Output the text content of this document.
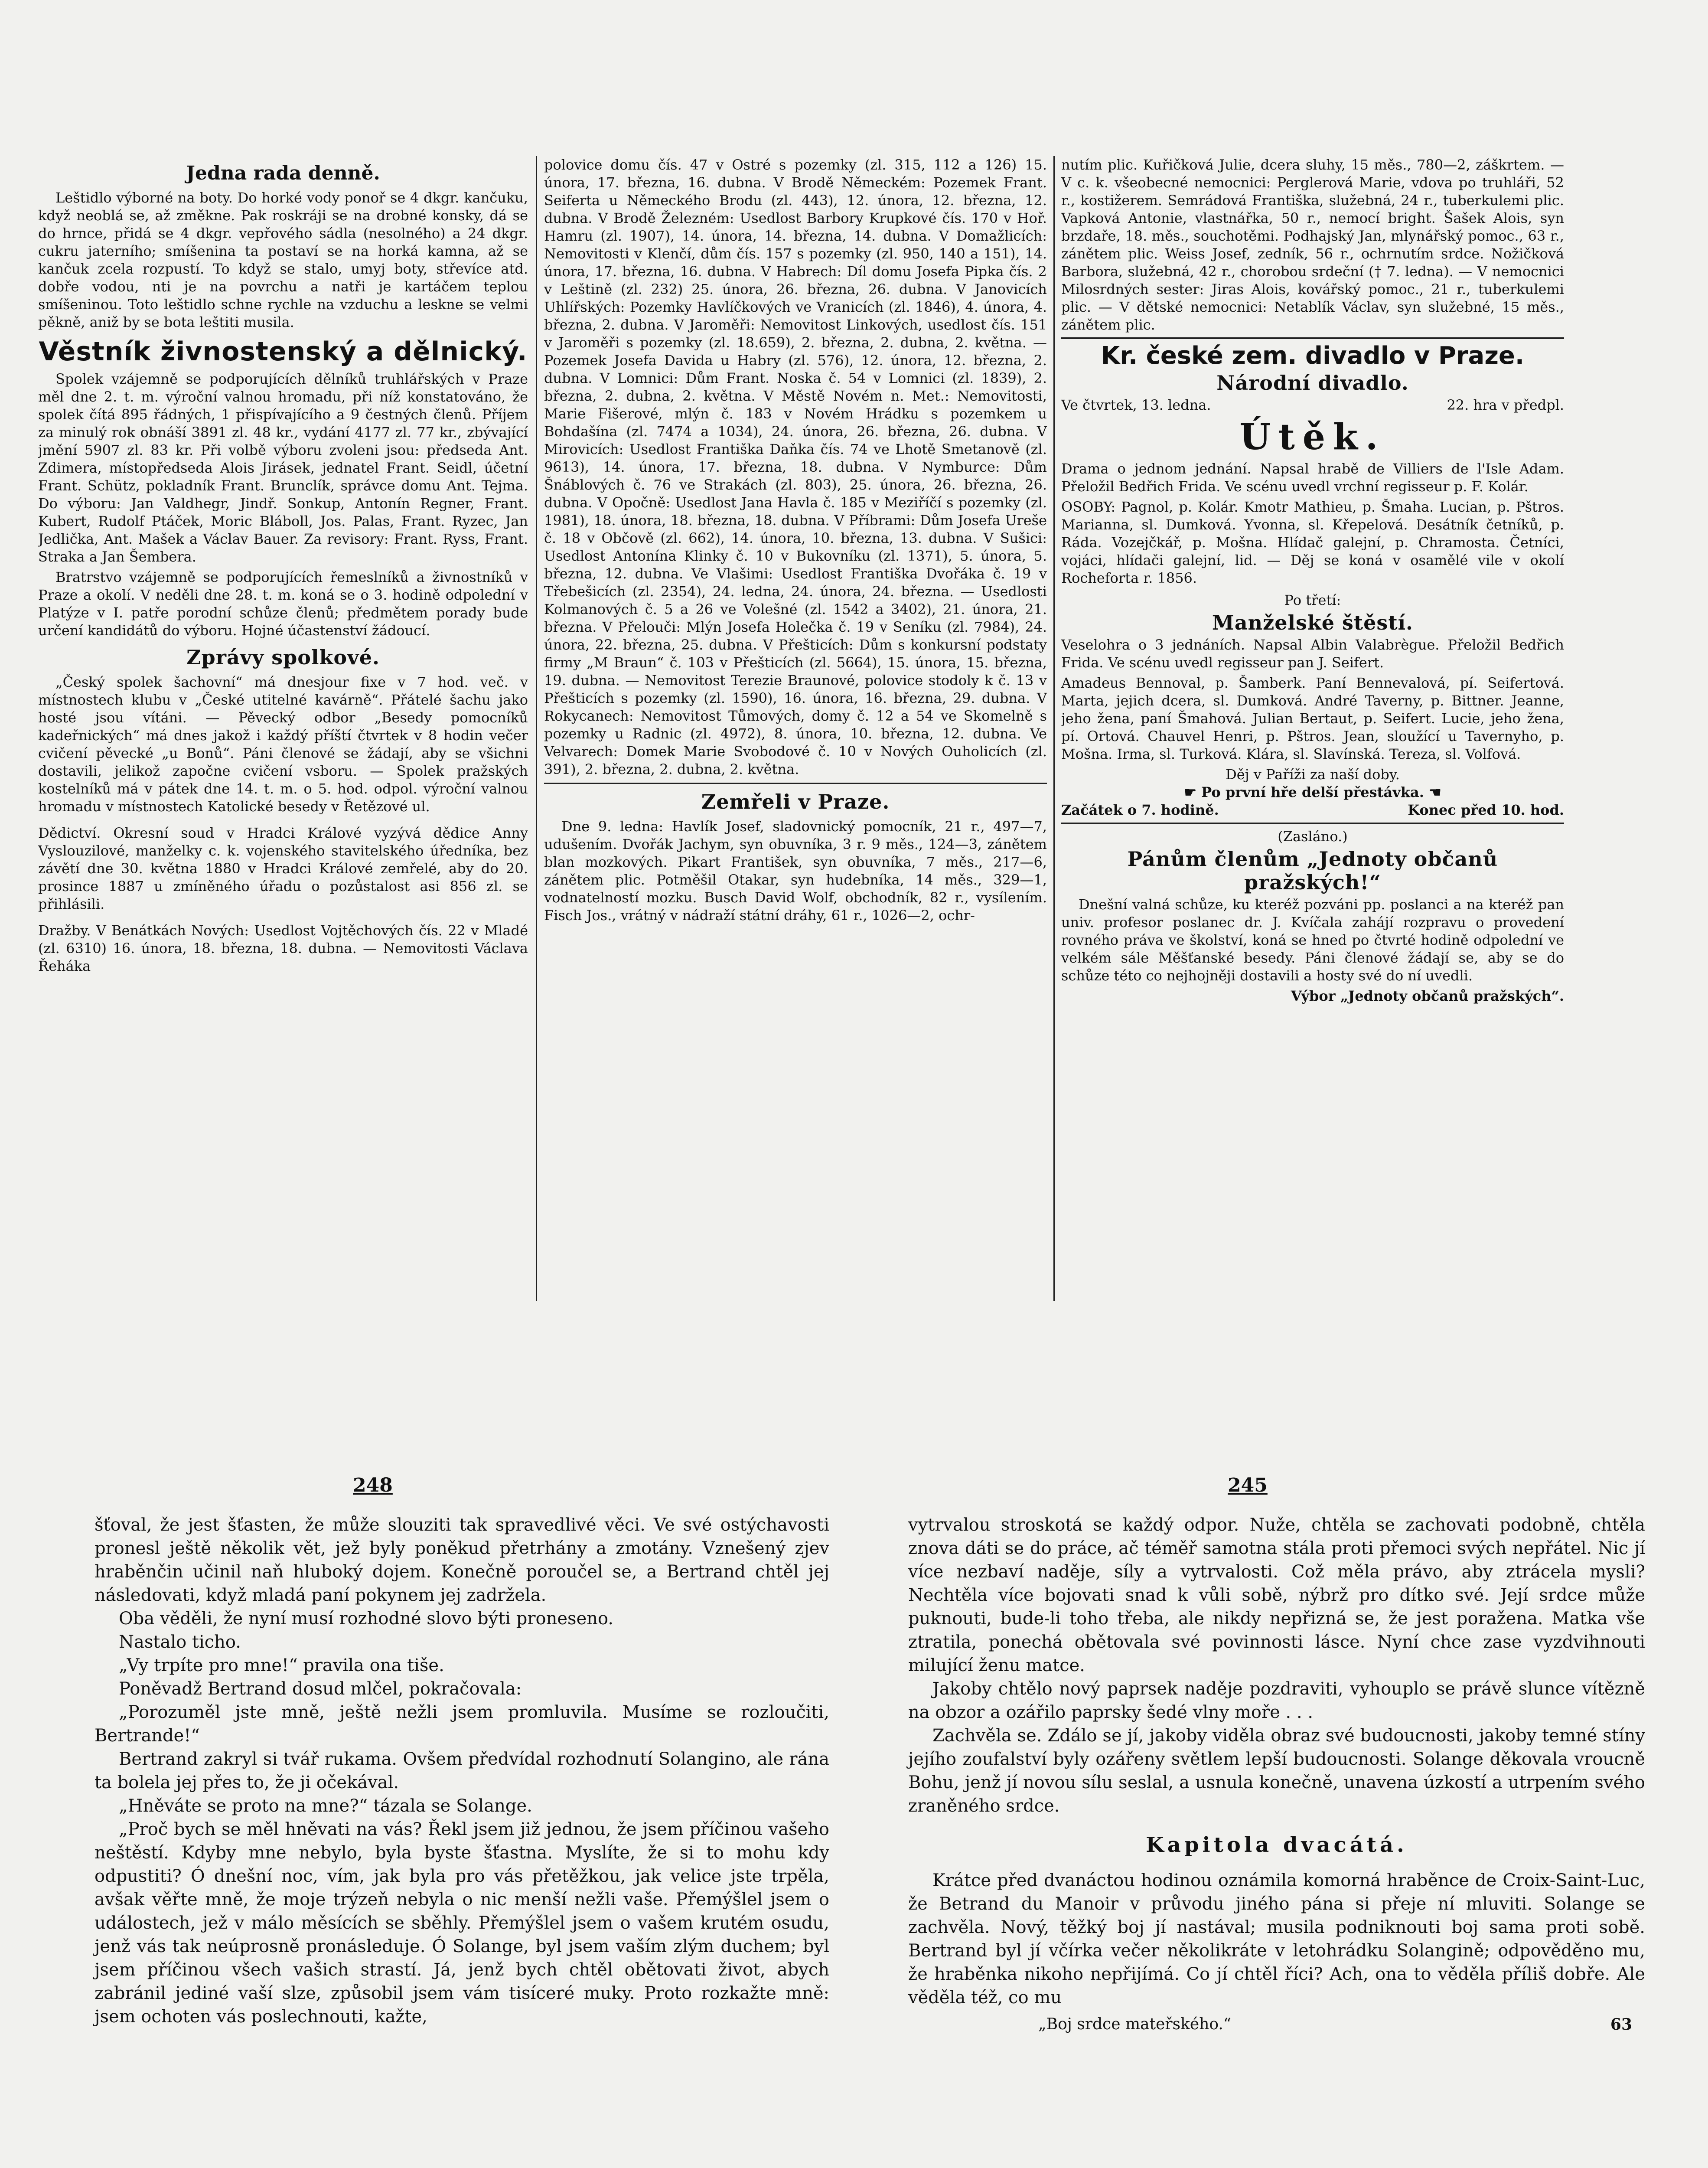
Jedna rada denně.

Leštidlo výborné na boty. Do horké vody ponoř se 4 dkgr. kančuku, když neoblá se, až změkne. Pak roskráji se na drobné konsky, dá se do hrnce, přidá se 4 dkgr. vepřového sádla (nesolného) a 24 dkgr. cukru jaterního; smíšenina ta postaví se na horká kamna, až se kančuk zcela rozpustí. To když se stalo, umyj boty, střevíce atd. dobře vodou, nti je na povrchu a natři je kartáčem teplou smíšeninou. Toto leštidlo schne rychle na vzduchu a leskne se velmi pěkně, aniž by se bota leštiti musila.

Věstník živnostenský a dělnický.

Spolek vzájemně se podporujících dělníků truhlářských v Praze měl dne 2. t. m. výroční valnou hromadu, při níž konstatováno, že spolek čítá 895 řádných, 1 přispívajícího a 9 čestných členů. Příjem za minulý rok obnáší 3891 zl. 48 kr., vydání 4177 zl. 77 kr., zbývající jmění 5907 zl. 83 kr. Při volbě výboru zvoleni jsou: předseda Ant. Zdimera, místopředseda Alois Jirásek, jednatel Frant. Seidl, účetní Frant. Schütz, pokladník Frant. Brunclík, správce domu Ant. Tejma. Do výboru: Jan Valdhegr, Jindř. Sonkup, Antonín Regner, Frant. Kubert, Rudolf Ptáček, Moric Bláboll, Jos. Palas, Frant. Ryzec, Jan Jedlička, Ant. Mašek a Václav Bauer. Za revisory: Frant. Ryss, Frant. Straka a Jan Šembera.

Bratrstvo vzájemně se podporujících řemeslníků a živnostníků v Praze a okolí. V neděli dne 28. t. m. koná se o 3. hodině odpolední v Platýze v I. patře porodní schůze členů; předmětem porady bude určení kandidátů do výboru. Hojné účastenství žádoucí.

Zprávy spolkové.

„Český spolek šachovní“ má dnesjour fixe v 7 hod. več. v místnostech klubu v „České utitelné kavárně“. Přátelé šachu jako hosté jsou vítáni. — Pěvecký odbor „Besedy pomocníků kadeřnických“ má dnes jakož i každý příští čtvrtek v 8 hodin večer cvičení pěvecké „u Bonů“. Páni členové se žádají, aby se všichni dostavili, jelikož započne cvičení vsboru. — Spolek pražských kostelníků má v pátek dne 14. t. m. o 5. hod. odpol. výroční valnou hromadu v místnostech Katolické besedy v Řetězové ul.

Dědictví. Okresní soud v Hradci Králové vyzývá dědice Anny Vyslouzilové, manželky c. k. vojenského stavitelského úředníka, bez závětí dne 30. května 1880 v Hradci Králové zemřelé, aby do 20. prosince 1887 u zmíněného úřadu o pozůstalost asi 856 zl. se přihlásili.

Dražby. V Benátkách Nových: Usedlost Vojtěchových čís. 22 v Mladé (zl. 6310) 16. února, 18. března, 18. dubna. — Nemovitosti Václava Řeháka

polovice domu čís. 47 v Ostré s pozemky (zl. 315, 112 a 126) 15. února, 17. března, 16. dubna. V Brodě Německém: Pozemek Frant. Seiferta u Německého Brodu (zl. 443), 12. února, 12. března, 12. dubna. V Brodě Železném: Usedlost Barbory Krupkové čís. 170 v Hoř. Hamru (zl. 1907), 14. února, 14. března, 14. dubna. V Domažlicích: Nemovitosti v Klenčí, dům čís. 157 s pozemky (zl. 950, 140 a 151), 14. února, 17. března, 16. dubna. V Habrech: Díl domu Josefa Pipka čís. 2 v Leštině (zl. 232) 25. února, 26. března, 26. dubna. V Janovicích Uhlířských: Pozemky Havlíčkových ve Vranicích (zl. 1846), 4. února, 4. března, 2. dubna. V Jaroměři: Nemovitost Linkových, usedlost čís. 151 v Jaroměři s pozemky (zl. 18.659), 2. března, 2. dubna, 2. května. — Pozemek Josefa Davida u Habry (zl. 576), 12. února, 12. března, 2. dubna. V Lomnici: Dům Frant. Noska č. 54 v Lomnici (zl. 1839), 2. března, 2. dubna, 2. května. V Městě Novém n. Met.: Nemovitosti, Marie Fišerové, mlýn č. 183 v Novém Hrádku s pozemkem u Bohdašína (zl. 7474 a 1034), 24. února, 26. března, 26. dubna. V Mirovicích: Usedlost Františka Daňka čís. 74 ve Lhotě Smetanově (zl. 9613), 14. února, 17. března, 18. dubna. V Nymburce: Dům Šnáblových č. 76 ve Strakách (zl. 803), 25. února, 26. března, 26. dubna. V Opočně: Usedlost Jana Havla č. 185 v Meziříčí s pozemky (zl. 1981), 18. února, 18. března, 18. dubna. V Příbrami: Dům Josefa Ureše č. 18 v Občově (zl. 662), 14. února, 10. března, 13. dubna. V Sušici: Usedlost Antonína Klinky č. 10 v Bukovníku (zl. 1371), 5. února, 5. března, 12. dubna. Ve Vlašimi: Usedlost Františka Dvořáka č. 19 v Třebešicích (zl. 2354), 24. ledna, 24. února, 24. března. — Usedlosti Kolmanových č. 5 a 26 ve Volešné (zl. 1542 a 3402), 21. února, 21. března. V Přelouči: Mlýn Josefa Holečka č. 19 v Seníku (zl. 7984), 24. února, 22. března, 25. dubna. V Přešticích: Dům s konkursní podstaty firmy „M Braun“ č. 103 v Přešticích (zl. 5664), 15. února, 15. března, 19. dubna. — Nemovitost Terezie Braunové, polovice stodoly k č. 13 v Přešticích s pozemky (zl. 1590), 16. února, 16. března, 29. dubna. V Rokycanech: Nemovitost Tůmových, domy č. 12 a 54 ve Skomelně s pozemky u Radnic (zl. 4972), 8. února, 10. března, 12. dubna. Ve Velvarech: Domek Marie Svobodové č. 10 v Nových Ouholicích (zl. 391), 2. března, 2. dubna, 2. května.

Zemřeli v Praze.

Dne 9. ledna: Havlík Josef, sladovnický pomocník, 21 r., 497—7, udušením. Dvořák Jachym, syn obuvníka, 3 r. 9 měs., 124—3, zánětem blan mozkových. Pikart František, syn obuvníka, 7 měs., 217—6, zánětem plic. Potměšil Otakar, syn hudebníka, 14 měs., 329—1, vodnatelností mozku. Busch David Wolf, obchodník, 82 r., vysílením. Fisch Jos., vrátný v nádraží státní dráhy, 61 r., 1026—2, ochr-

nutím plic. Kuřičková Julie, dcera sluhy, 15 měs., 780—2, záškrtem. — V c. k. všeobecné nemocnici: Perglerová Marie, vdova po truhláři, 52 r., kostižerem. Semrádová Františka, služebná, 24 r., tuberkulemi plic. Vapková Antonie, vlastnářka, 50 r., nemocí bright. Šašek Alois, syn brzdaře, 18. měs., souchotěmi. Podhajský Jan, mlynářský pomoc., 63 r., zánětem plic. Weiss Josef, zedník, 56 r., ochrnutím srdce. Nožičková Barbora, služebná, 42 r., chorobou srdeční († 7. ledna). — V nemocnici Milosrdných sester: Jiras Alois, kovářský pomoc., 21 r., tuberkulemi plic. — V dětské nemocnici: Netablík Václav, syn služebné, 15 měs., zánětem plic.

Kr. české zem. divadlo v Praze.
Národní divadlo.
Ve čtvrtek, 13. ledna.	22. hra v předpl.
Útěk.

Drama o jednom jednání. Napsal hrabě de Villiers de l'Isle Adam. Přeložil Bedřich Frida. Ve scénu uvedl vrchní regisseur p. F. Kolár.

OSOBY: Pagnol, p. Kolár. Kmotr Mathieu, p. Šmaha. Lucian, p. Pštros. Marianna, sl. Dumková. Yvonna, sl. Křepelová. Desátník četníků, p. Ráda. Vozejčkář, p. Mošna. Hlídač galejní, p. Chramosta. Četníci, vojáci, hlídači galejní, lid. — Děj se koná v osamělé vile v okolí Rocheforta r. 1856.

Po třetí:
Manželské štěstí.

Veselohra o 3 jednáních. Napsal Albin Valabrègue. Přeložil Bedřich Frida. Ve scénu uvedl regisseur pan J. Seifert.

Amadeus Bennoval, p. Šamberk. Paní Bennevalová, pí. Seifertová. Marta, jejich dcera, sl. Dumková. André Taverny, p. Bittner. Jeanne, jeho žena, paní Šmahová. Julian Bertaut, p. Seifert. Lucie, jeho žena, pí. Ortová. Chauvel Henri, p. Pštros. Jean, sloužící u Tavernyho, p. Mošna. Irma, sl. Turková. Klára, sl. Slavínská. Tereza, sl. Volfová.

Děj v Paříži za naší doby.
☛ Po první hře delší přestávka. ☚
Začátek o 7. hodině.	Konec před 10. hod.
(Zasláno.)
Pánům členům „Jednoty občanů pražských!“

Dnešní valná schůze, ku kteréž pozváni pp. poslanci a na kteréž pan univ. profesor poslanec dr. J. Kvíčala zahájí rozpravu o provedení rovného práva ve školství, koná se hned po čtvrté hodině odpolední ve velkém sále Měšťanské besedy. Páni členové žádají se, aby se do schůze této co nejhojněji dostavili a hosty své do ní uvedli.

Výbor „Jednoty občanů pražských“.
248

šťoval, že jest šťasten, že může slouziti tak spravedlivé věci. Ve své ostýchavosti pronesl ještě několik vět, jež byly poněkud přetrhány a zmotány. Vznešený zjev hraběnčin učinil naň hluboký dojem. Konečně poroučel se, a Bertrand chtěl jej následovati, když mladá paní pokynem jej zadržela.

Oba věděli, že nyní musí rozhodné slovo býti proneseno.

Nastalo ticho.

„Vy trpíte pro mne!“ pravila ona tiše.

Poněvadž Bertrand dosud mlčel, pokračovala:

„Porozuměl jste mně, ještě nežli jsem promluvila. Musíme se rozloučiti, Bertrande!“

Bertrand zakryl si tvář rukama. Ovšem předvídal rozhodnutí Solangino, ale rána ta bolela jej přes to, že ji očekával.

„Hněváte se proto na mne?“ tázala se Solange.

„Proč bych se měl hněvati na vás? Řekl jsem již jednou, že jsem příčinou vašeho neštěstí. Kdyby mne nebylo, byla byste šťastna. Myslíte, že si to mohu kdy odpustiti? Ó dnešní noc, vím, jak byla pro vás přetěžkou, jak velice jste trpěla, avšak věřte mně, že moje trýzeň nebyla o nic menší nežli vaše. Přemýšlel jsem o událostech, jež v málo měsících se sběhly. Přemýšlel jsem o vašem krutém osudu, jenž vás tak neúprosně pronásleduje. Ó Solange, byl jsem vaším zlým duchem; byl jsem příčinou všech vašich strastí. Já, jenž bych chtěl obětovati život, abych zabránil jediné vaší slze, způsobil jsem vám tisíceré muky. Proto rozkažte mně: jsem ochoten vás poslechnouti, kažte,

245

vytrvalou stroskotá se každý odpor. Nuže, chtěla se zachovati podobně, chtěla znova dáti se do práce, ač téměř samotna stála proti přemoci svých nepřátel. Nic jí více nezbaví naděje, síly a vytrvalosti. Což měla právo, aby ztrácela mysli? Nechtěla více bojovati snad k vůli sobě, nýbrž pro dítko své. Její srdce může puknouti, bude-li toho třeba, ale nikdy nepřizná se, že jest poražena. Matka vše ztratila, ponechá obětovala své povinnosti lásce. Nyní chce zase vyzdvihnouti milující ženu matce.

Jakoby chtělo nový paprsek naděje pozdraviti, vyhouplo se právě slunce vítězně na obzor a ozářilo paprsky šedé vlny moře . . .

Zachvěla se. Zdálo se jí, jakoby viděla obraz své budoucnosti, jakoby temné stíny jejího zoufalství byly ozářeny světlem lepší budoucnosti. Solange děkovala vroucně Bohu, jenž jí novou sílu seslal, a usnula konečně, unavena úzkostí a utrpením svého zraněného srdce.

Kapitola dvacátá.

Krátce před dvanáctou hodinou oznámila komorná hraběnce de Croix-Saint-Luc, že Betrand du Manoir v průvodu jiného pána si přeje ní mluviti. Solange se zachvěla. Nový, těžký boj jí nastával; musila podniknouti boj sama proti sobě. Bertrand byl jí včírka večer několikráte v letohrádku Solangině; odpověděno mu, že hraběnka nikoho nepřijímá. Co jí chtěl říci? Ach, ona to věděla příliš dobře. Ale věděla též, co mu

„Boj srdce mateřského.“	63
